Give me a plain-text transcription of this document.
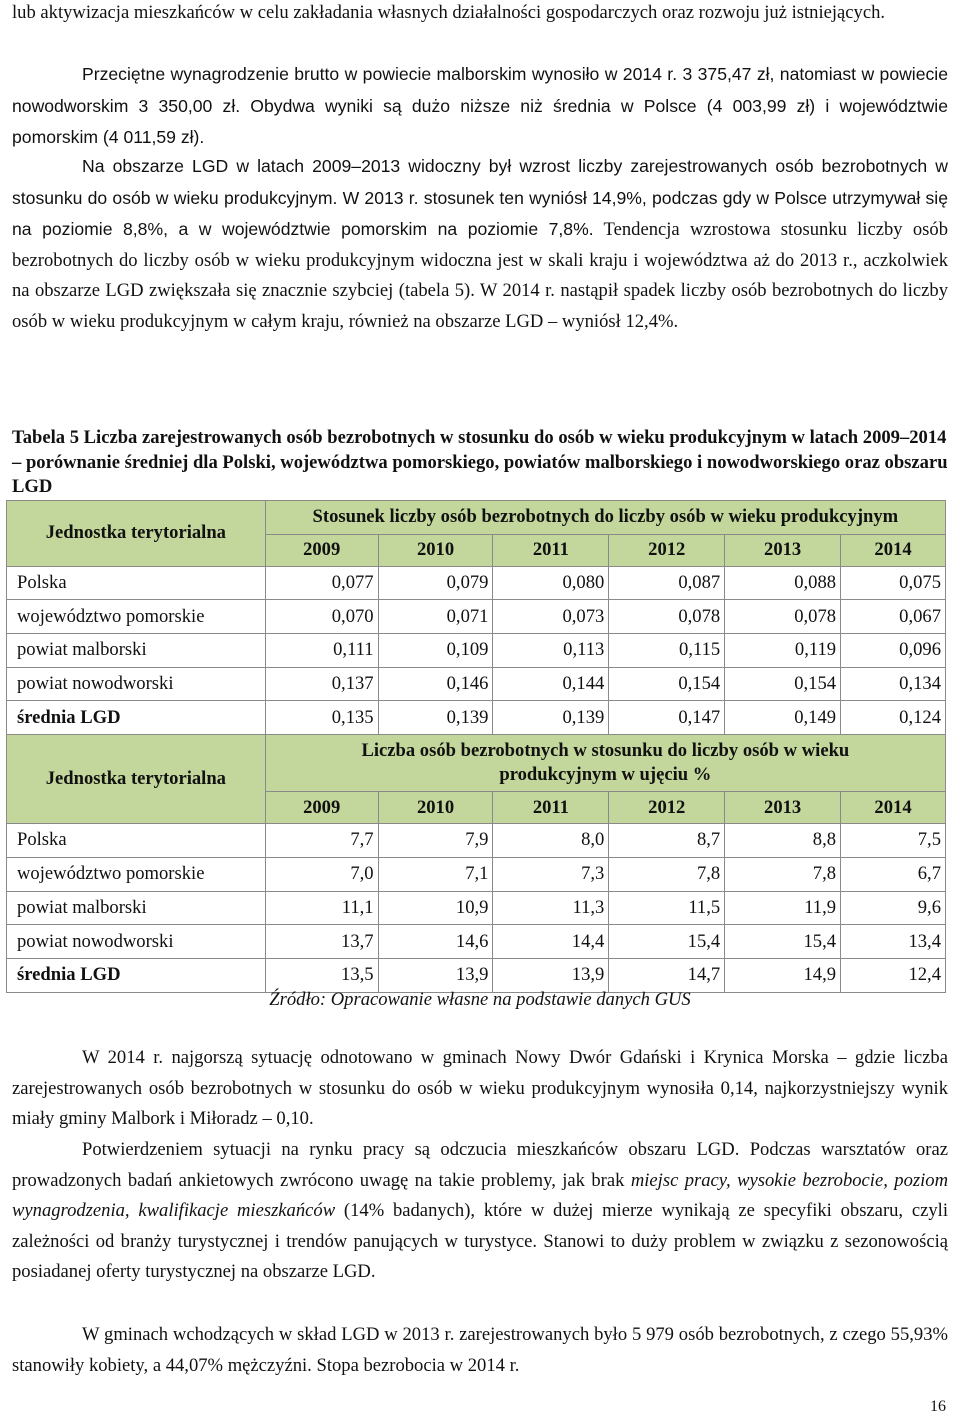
lub aktywizacja mieszkańców w celu zakładania własnych działalności gospodarczych oraz rozwoju już istniejących.
Przeciętne wynagrodzenie brutto w powiecie malborskim wynosiło w 2014 r. 3 375,47 zł, natomiast w powiecie nowodworskim 3 350,00 zł. Obydwa wyniki są dużo niższe niż średnia w Polsce (4 003,99 zł) i województwie pomorskim (4 011,59 zł).
Na obszarze LGD w latach 2009–2013 widoczny był wzrost liczby zarejestrowanych osób bezrobotnych w stosunku do osób w wieku produkcyjnym. W 2013 r. stosunek ten wyniósł 14,9%, podczas gdy w Polsce utrzymywał się na poziomie 8,8%, a w województwie pomorskim na poziomie 7,8%. Tendencja wzrostowa stosunku liczby osób bezrobotnych do liczby osób w wieku produkcyjnym widoczna jest w skali kraju i województwa aż do 2013 r., aczkolwiek na obszarze LGD zwiększała się znacznie szybciej (tabela 5). W 2014 r. nastąpił spadek liczby osób bezrobotnych do liczby osób w wieku produkcyjnym w całym kraju, również na obszarze LGD – wyniósł 12,4%.
Tabela 5 Liczba zarejestrowanych osób bezrobotnych w stosunku do osób w wieku produkcyjnym w latach 2009–2014 – porównanie średniej dla Polski, województwa pomorskiego, powiatów malborskiego i nowodworskiego oraz obszaru LGD
Jednostka terytorialna	Stosunek liczby osób bezrobotnych do liczby osób w wieku produkcyjnym					
	2009	2010	2011	2012	2013	2014
Polska	0,077	0,079	0,080	0,087	0,088	0,075
województwo pomorskie	0,070	0,071	0,073	0,078	0,078	0,067
powiat malborski	0,111	0,109	0,113	0,115	0,119	0,096
powiat nowodworski	0,137	0,146	0,144	0,154	0,154	0,134
średnia LGD	0,135	0,139	0,139	0,147	0,149	0,124
Jednostka terytorialna	Liczba osób bezrobotnych w stosunku do liczby osób w wieku produkcyjnym w ujęciu %					
	2009	2010	2011	2012	2013	2014
Polska	7,7	7,9	8,0	8,7	8,8	7,5
województwo pomorskie	7,0	7,1	7,3	7,8	7,8	6,7
powiat malborski	11,1	10,9	11,3	11,5	11,9	9,6
powiat nowodworski	13,7	14,6	14,4	15,4	15,4	13,4
średnia LGD	13,5	13,9	13,9	14,7	14,9	12,4
Źródło: Opracowanie własne na podstawie danych GUS
W 2014 r. najgorszą sytuację odnotowano w gminach Nowy Dwór Gdański i Krynica Morska – gdzie liczba zarejestrowanych osób bezrobotnych w stosunku do osób w wieku produkcyjnym wynosiła 0,14, najkorzystniejszy wynik miały gminy Malbork i Miłoradz – 0,10.
Potwierdzeniem sytuacji na rynku pracy są odczucia mieszkańców obszaru LGD. Podczas warsztatów oraz prowadzonych badań ankietowych zwrócono uwagę na takie problemy, jak brak miejsc pracy, wysokie bezrobocie, poziom wynagrodzenia, kwalifikacje mieszkańców (14% badanych), które w dużej mierze wynikają ze specyfiki obszaru, czyli zależności od branży turystycznej i trendów panujących w turystyce. Stanowi to duży problem w związku z sezonowością posiadanej oferty turystycznej na obszarze LGD.
W gminach wchodzących w skład LGD w 2013 r. zarejestrowanych było 5 979 osób bezrobotnych, z czego 55,93% stanowiły kobiety, a 44,07% mężczyźni. Stopa bezrobocia w 2014 r.
16
